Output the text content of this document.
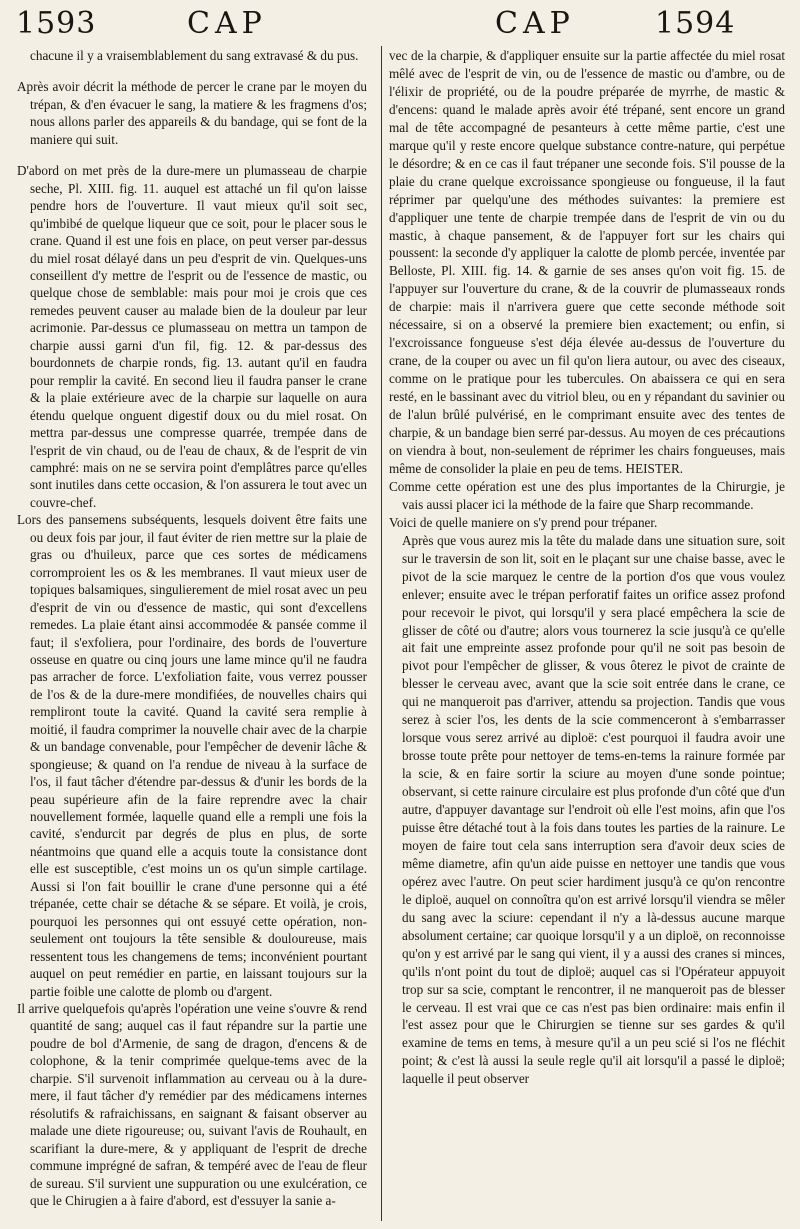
1593	CAP	CAP	1594

chacune il y a vraisemblablement du sang extravasé & du pus.

Après avoir décrit la méthode de percer le crane par le moyen du trépan, & d'en évacuer le sang, la matiere & les fragmens d'os; nous allons parler des appareils & du bandage, qui se font de la maniere qui suit.

D'abord on met près de la dure-mere un plumasseau de charpie seche, Pl. XIII. fig. 11. auquel est attaché un fil qu'on laisse pendre hors de l'ouverture. Il vaut mieux qu'il soit sec, qu'imbibé de quelque liqueur que ce soit, pour le placer sous le crane. Quand il est une fois en place, on peut verser par-dessus du miel rosat délayé dans un peu d'esprit de vin. Quelques-uns conseillent d'y mettre de l'esprit ou de l'essence de mastic, ou quelque chose de semblable: mais pour moi je crois que ces remedes peuvent causer au malade bien de la douleur par leur acrimonie. Par-dessus ce plumasseau on mettra un tampon de charpie aussi garni d'un fil, fig. 12. & par-dessus des bourdonnets de charpie ronds, fig. 13. autant qu'il en faudra pour remplir la cavité. En second lieu il faudra panser le crane & la plaie extérieure avec de la charpie sur laquelle on aura étendu quelque onguent digestif doux ou du miel rosat. On mettra par-dessus une compresse quarrée, trempée dans de l'esprit de vin chaud, ou de l'eau de chaux, & de l'esprit de vin camphré: mais on ne se servira point d'emplâtres parce qu'elles sont inutiles dans cette occasion, & l'on assurera le tout avec un couvre-chef.

Lors des pansemens subséquents, lesquels doivent être faits une ou deux fois par jour, il faut éviter de rien mettre sur la plaie de gras ou d'huileux, parce que ces sortes de médicamens corromproient les os & les membranes. Il vaut mieux user de topiques balsamiques, singulierement de miel rosat avec un peu d'esprit de vin ou d'essence de mastic, qui sont d'excellens remedes. La plaie étant ainsi accommodée & pansée comme il faut; il s'exfoliera, pour l'ordinaire, des bords de l'ouverture osseuse en quatre ou cinq jours une lame mince qu'il ne faudra pas arracher de force. L'exfoliation faite, vous verrez pousser de l'os & de la dure-mere mondifiées, de nouvelles chairs qui rempliront toute la cavité. Quand la cavité sera remplie à moitié, il faudra comprimer la nouvelle chair avec de la charpie & un bandage convenable, pour l'empêcher de devenir lâche & spongieuse; & quand on l'a rendue de niveau à la surface de l'os, il faut tâcher d'étendre par-dessus & d'unir les bords de la peau supérieure afin de la faire reprendre avec la chair nouvellement formée, laquelle quand elle a rempli une fois la cavité, s'endurcit par degrés de plus en plus, de sorte néantmoins que quand elle a acquis toute la consistance dont elle est susceptible, c'est moins un os qu'un simple cartilage. Aussi si l'on fait bouillir le crane d'une personne qui a été trépanée, cette chair se détache & se sépare. Et voilà, je crois, pourquoi les personnes qui ont essuyé cette opération, non-seulement ont toujours la tête sensible & douloureuse, mais ressentent tous les changemens de tems; inconvénient pourtant auquel on peut remédier en partie, en laissant toujours sur la partie foible une calotte de plomb ou d'argent.

Il arrive quelquefois qu'après l'opération une veine s'ouvre & rend quantité de sang; auquel cas il faut répandre sur la partie une poudre de bol d'Armenie, de sang de dragon, d'encens & de colophone, & la tenir comprimée quelque-tems avec de la charpie. S'il survenoit inflammation au cerveau ou à la dure-mere, il faut tâcher d'y remédier par des médicamens internes résolutifs & rafraichissans, en saignant & faisant observer au malade une diete rigoureuse; ou, suivant l'avis de Rouhault, en scarifiant la dure-mere, & y appliquant de l'esprit de dreche commune imprégné de safran, & tempéré avec de l'eau de fleur de sureau. S'il survient une suppuration ou une exulcération, ce que le Chirugien a à faire d'abord, est d'essuyer la sanie a-

vec de la charpie, & d'appliquer ensuite sur la partie affectée du miel rosat mêlé avec de l'esprit de vin, ou de l'essence de mastic ou d'ambre, ou de l'élixir de propriété, ou de la poudre préparée de myrrhe, de mastic & d'encens: quand le malade après avoir été trépané, sent encore un grand mal de tête accompagné de pesanteurs à cette même partie, c'est une marque qu'il y reste encore quelque substance contre-nature, qui perpétue le désordre; & en ce cas il faut trépaner une seconde fois. S'il pousse de la plaie du crane quelque excroissance spongieuse ou fongueuse, il la faut réprimer par quelqu'une des méthodes suivantes: la premiere est d'appliquer une tente de charpie trempée dans de l'esprit de vin ou du mastic, à chaque pansement, & de l'appuyer fort sur les chairs qui poussent: la seconde d'y appliquer la calotte de plomb percée, inventée par Belloste, Pl. XIII. fig. 14. & garnie de ses anses qu'on voit fig. 15. de l'appuyer sur l'ouverture du crane, & de la couvrir de plumasseaux ronds de charpie: mais il n'arrivera guere que cette seconde méthode soit nécessaire, si on a observé la premiere bien exactement; ou enfin, si l'excroissance fongueuse s'est déja élevée au-dessus de l'ouverture du crane, de la couper ou avec un fil qu'on liera autour, ou avec des ciseaux, comme on le pratique pour les tubercules. On abaissera ce qui en sera resté, en le bassinant avec du vitriol bleu, ou en y répandant du savinier ou de l'alun brûlé pulvérisé, en le comprimant ensuite avec des tentes de charpie, & un bandage bien serré par-dessus. Au moyen de ces précautions on viendra à bout, non-seulement de réprimer les chairs fongueuses, mais même de consolider la plaie en peu de tems. HEISTER.

Comme cette opération est une des plus importantes de la Chirurgie, je vais aussi placer ici la méthode de la faire que Sharp recommande.

Voici de quelle maniere on s'y prend pour trépaner.

Après que vous aurez mis la tête du malade dans une situation sure, soit sur le traversin de son lit, soit en le plaçant sur une chaise basse, avec le pivot de la scie marquez le centre de la portion d'os que vous voulez enlever; ensuite avec le trépan perforatif faites un orifice assez profond pour recevoir le pivot, qui lorsqu'il y sera placé empêchera la scie de glisser de côté ou d'autre; alors vous tournerez la scie jusqu'à ce qu'elle ait fait une empreinte assez profonde pour qu'il ne soit pas besoin de pivot pour l'empêcher de glisser, & vous ôterez le pivot de crainte de blesser le cerveau avec, avant que la scie soit entrée dans le crane, ce qui ne manqueroit pas d'arriver, attendu sa projection. Tandis que vous serez à scier l'os, les dents de la scie commenceront à s'embarrasser lorsque vous serez arrivé au diploë: c'est pourquoi il faudra avoir une brosse toute prête pour nettoyer de tems-en-tems la rainure formée par la scie, & en faire sortir la sciure au moyen d'une sonde pointue; observant, si cette rainure circulaire est plus profonde d'un côté que d'un autre, d'appuyer davantage sur l'endroit où elle l'est moins, afin que l'os puisse être détaché tout à la fois dans toutes les parties de la rainure. Le moyen de faire tout cela sans interruption sera d'avoir deux scies de même diametre, afin qu'un aide puisse en nettoyer une tandis que vous opérez avec l'autre. On peut scier hardiment jusqu'à ce qu'on rencontre le diploë, auquel on connoîtra qu'on est arrivé lorsqu'il viendra se mêler du sang avec la sciure: cependant il n'y a là-dessus aucune marque absolument certaine; car quoique lorsqu'il y a un diploë, on reconnoisse qu'on y est arrivé par le sang qui vient, il y a aussi des cranes si minces, qu'ils n'ont point du tout de diploë; auquel cas si l'Opérateur appuyoit trop sur sa scie, comptant le rencontrer, il ne manqueroit pas de blesser le cerveau. Il est vrai que ce cas n'est pas bien ordinaire: mais enfin il l'est assez pour que le Chirurgien se tienne sur ses gardes & qu'il examine de tems en tems, à mesure qu'il a un peu scié si l'os ne fléchit point; & c'est là aussi la seule regle qu'il ait lorsqu'il a passé le diploë; laquelle il peut observer
